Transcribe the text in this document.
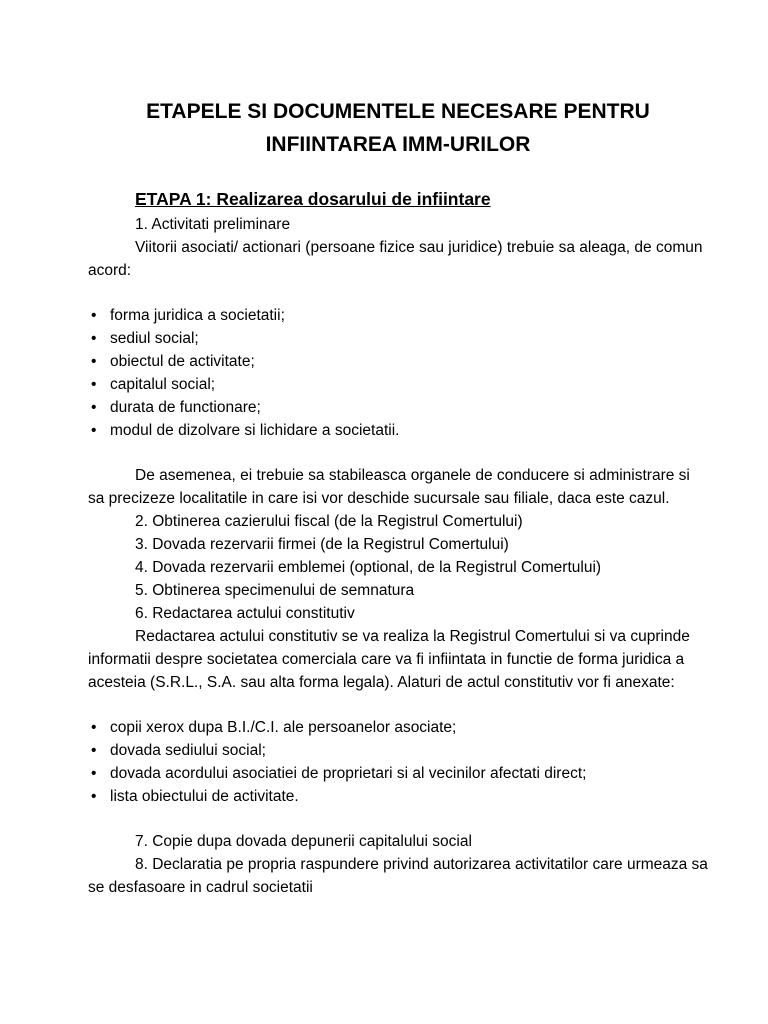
ETAPELE SI DOCUMENTELE NECESARE PENTRU
INFIINTAREA IMM-URILOR
ETAPA 1: Realizarea dosarului de infiintare

1. Activitati preliminare

Viitorii asociati/ actionari (persoane fizice sau juridice) trebuie sa aleaga, de comun acord:

• forma juridica a societatii;
• sediul social;
• obiectul de activitate;
• capitalul social;
• durata de functionare;
• modul de dizolvare si lichidare a societatii.

De asemenea, ei trebuie sa stabileasca organele de conducere si administrare si sa precizeze localitatile in care isi vor deschide sucursale sau filiale, daca este cazul.

2. Obtinerea cazierului fiscal (de la Registrul Comertului)

3. Dovada rezervarii firmei (de la Registrul Comertului)

4. Dovada rezervarii emblemei (optional, de la Registrul Comertului)

5. Obtinerea specimenului de semnatura

6. Redactarea actului constitutiv

Redactarea actului constitutiv se va realiza la Registrul Comertului si va cuprinde informatii despre societatea comerciala care va fi infiintata in functie de forma juridica a acesteia (S.R.L., S.A. sau alta forma legala). Alaturi de actul constitutiv vor fi anexate:

• copii xerox dupa B.I./C.I. ale persoanelor asociate;
• dovada sediului social;
• dovada acordului asociatiei de proprietari si al vecinilor afectati direct;
• lista obiectului de activitate.

7. Copie dupa dovada depunerii capitalului social

8. Declaratia pe propria raspundere privind autorizarea activitatilor care urmeaza sa se desfasoare in cadrul societatii
